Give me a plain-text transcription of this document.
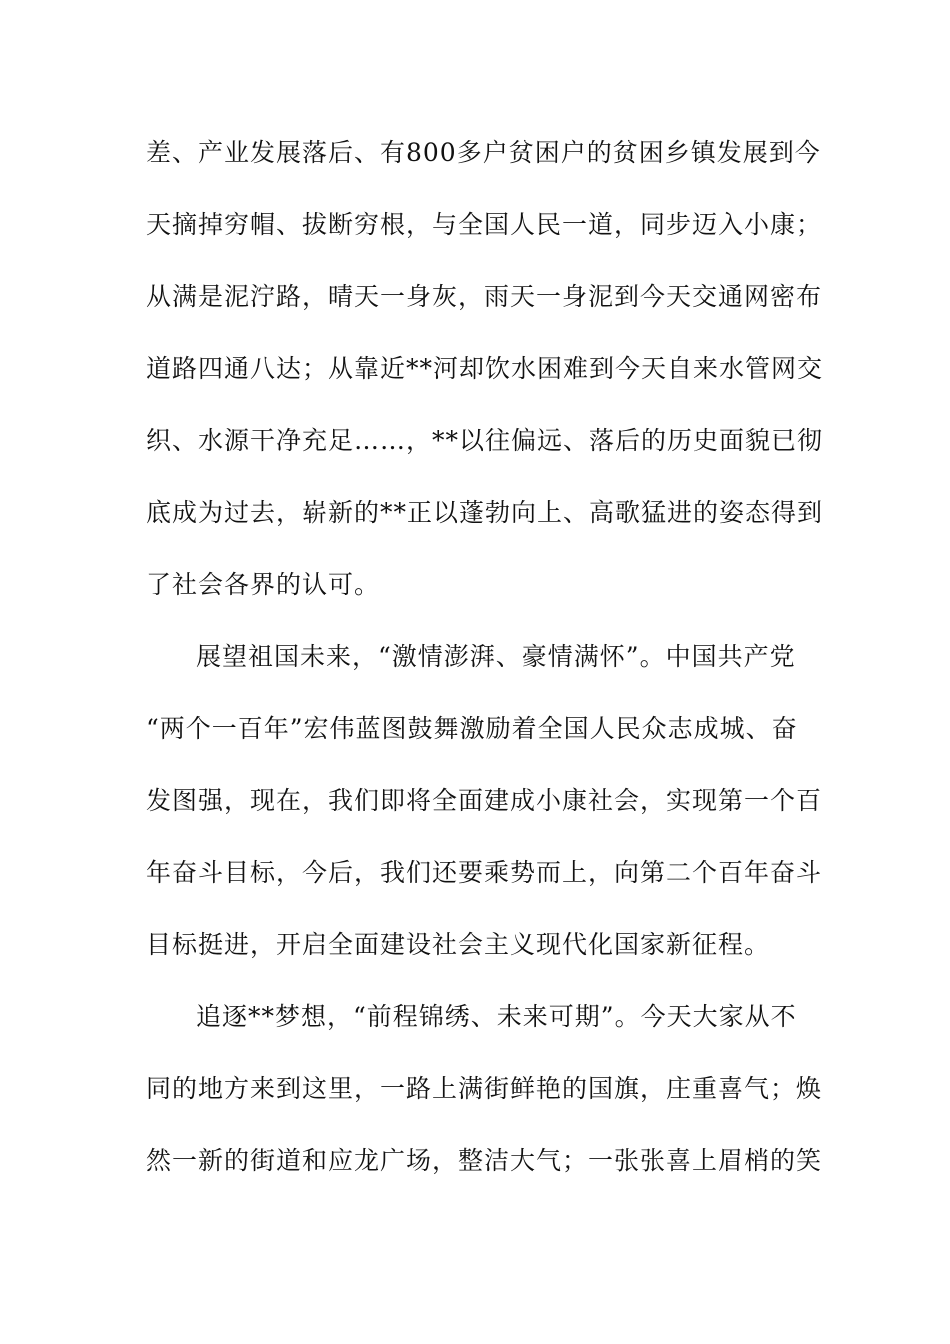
差、产业发展落后、有800多户贫困户的贫困乡镇发展到今
天摘掉穷帽、拔断穷根，与全国人民一道，同步迈入小康；
从满是泥泞路，晴天一身灰，雨天一身泥到今天交通网密布
道路四通八达；从靠近**河却饮水困难到今天自来水管网交
织、水源干净充足……，**以往偏远、落后的历史面貌已彻
底成为过去，崭新的**正以蓬勃向上、高歌猛进的姿态得到
了社会各界的认可。
展望祖国未来，“激情澎湃、豪情满怀”。中国共产党
“两个一百年”宏伟蓝图鼓舞激励着全国人民众志成城、奋
发图强，现在，我们即将全面建成小康社会，实现第一个百
年奋斗目标，今后，我们还要乘势而上，向第二个百年奋斗
目标挺进，开启全面建设社会主义现代化国家新征程。
追逐**梦想，“前程锦绣、未来可期”。今天大家从不
同的地方来到这里，一路上满街鲜艳的国旗，庄重喜气；焕
然一新的街道和应龙广场，整洁大气；一张张喜上眉梢的笑
